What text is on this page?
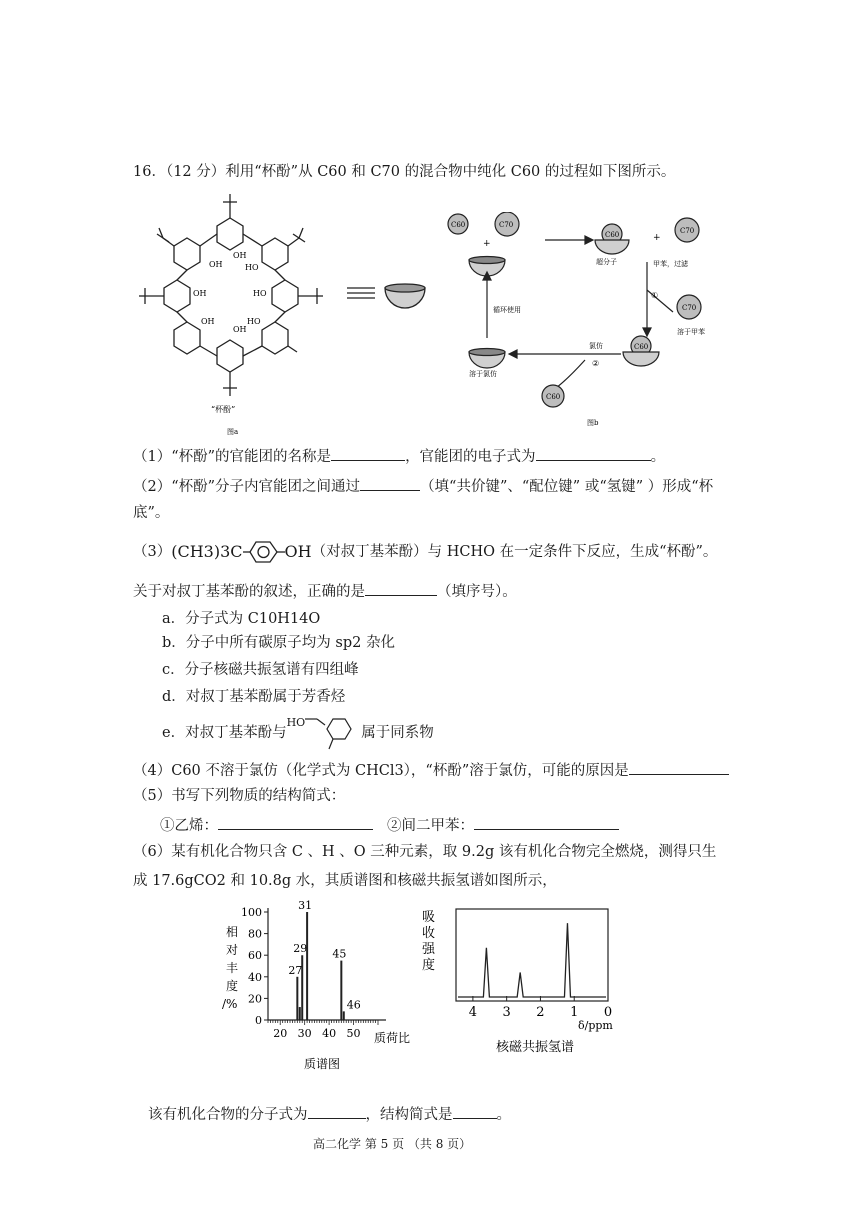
16．（12 分）利用“杯酚”从 C60 和 C70 的混合物中纯化 C60 的过程如下图所示。
OH
OH
HO
OH	HO
OH
OH
HO
“杯酚”
图a
C60	C70
+
C60
超分子
+
C70
甲苯，过滤
①
C70
溶于甲苯
C60
氯仿
②
溶于氯仿
循环使用
C60
图b
（1）“杯酚”的官能团的名称是	，官能团的电子式为	。
（2）“杯酚”分子内官能团之间通过	（填“共价键”、“配位键” 或“氢键” ）形成“杯
底”。
（3） (CH3)3C	OH （对叔丁基苯酚）与 HCHO 在一定条件下反应，生成“杯酚”。
关于对叔丁基苯酚的叙述，正确的是	（填序号）。
a．分子式为 C10H14O
b．分子中所有碳原子均为 sp2 杂化
c．分子核磁共振氢谱有四组峰
d．对叔丁基苯酚属于芳香烃
e．对叔丁基苯酚与
HO
属于同系物
（4）C60 不溶于氯仿（化学式为 CHCl3），“杯酚”溶于氯仿，可能的原因是
（5）书写下列物质的结构简式：
①乙烯：	②间二甲苯：
（6）某有机化合物只含 C 、H 、O 三种元素，取 9.2g 该有机化合物完全燃烧，测得只生
成 17.6gCO2 和 10.8g 水，其质谱图和核磁共振氢谱如图所示，
0
20
40
60
80
100
20 30 40 50
27
29
31
45
46
相对丰度/%
质荷比
质谱图
4 3 2 1 0
吸收强度
δ/ppm
核磁共振氢谱
该有机化合物的分子式为	，结构简式是	。
高二化学 第 5 页 （共 8 页）
